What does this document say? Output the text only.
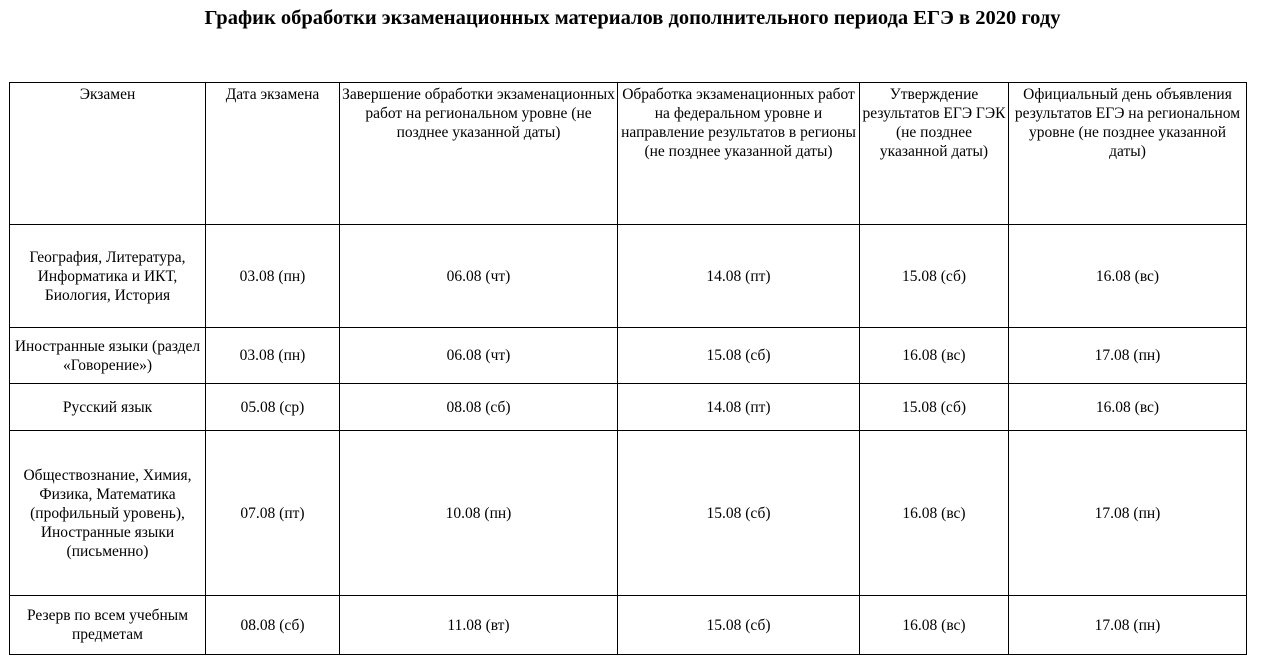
График обработки экзаменационных материалов дополнительного периода ЕГЭ в 2020 году
Экзамен	Дата экзамена	Завершение обработки экзаменационных работ на региональном уровне (не позднее указанной даты)	Обработка экзаменационных работ на федеральном уровне и направление результатов в регионы (не позднее указанной даты)	Утверждение результатов ЕГЭ ГЭК (не позднее указанной даты)	Официальный день объявления результатов ЕГЭ на региональном уровне (не позднее указанной даты)
География, Литература, Информатика и ИКТ, Биология, История	03.08 (пн)	06.08 (чт)	14.08 (пт)	15.08 (сб)	16.08 (вс)
Иностранные языки (раздел «Говорение»)	03.08 (пн)	06.08 (чт)	15.08 (сб)	16.08 (вс)	17.08 (пн)
Русский язык	05.08 (ср)	08.08 (сб)	14.08 (пт)	15.08 (сб)	16.08 (вс)
Обществознание, Химия, Физика, Математика (профильный уровень), Иностранные языки (письменно)	07.08 (пт)	10.08 (пн)	15.08 (сб)	16.08 (вс)	17.08 (пн)
Резерв по всем учебным предметам	08.08 (сб)	11.08 (вт)	15.08 (сб)	16.08 (вс)	17.08 (пн)
